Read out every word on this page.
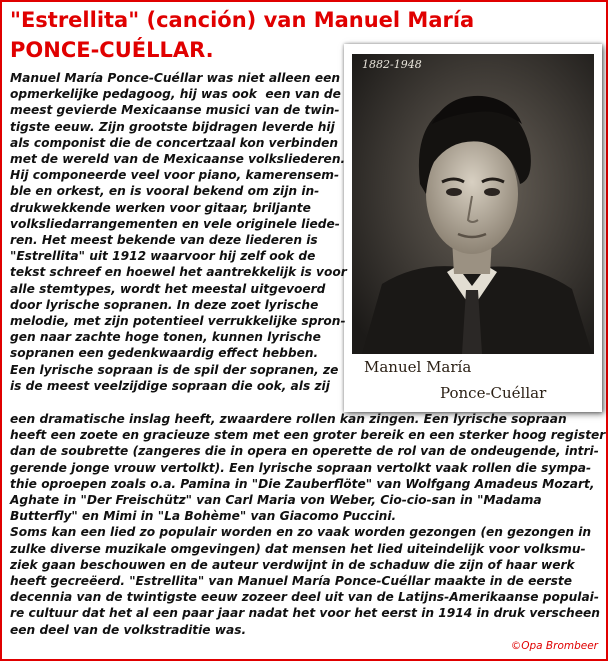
"Estrellita" (canción) van Manuel María
PONCE-CUÉLLAR.
1882-1948
Manuel María
Ponce-Cuéllar
Manuel María Ponce-Cuéllar was niet alleen een
opmerkelijke pedagoog, hij was ook  een van de
meest gevierde Mexicaanse musici van de twin-
tigste eeuw. Zijn grootste bijdragen leverde hij
als componist die de concertzaal kon verbinden
met de wereld van de Mexicaanse volksliederen.
Hij componeerde veel voor piano, kamerensem-
ble en orkest, en is vooral bekend om zijn in-
drukwekkende werken voor gitaar, briljante
volksliedarrangementen en vele originele liede-
ren. Het meest bekende van deze liederen is
"Estrellita" uit 1912 waarvoor hij zelf ook de
tekst schreef en hoewel het aantrekkelijk is voor
alle stemtypes, wordt het meestal uitgevoerd
door lyrische sopranen. In deze zoet lyrische
melodie, met zijn potentieel verrukkelijke spron-
gen naar zachte hoge tonen, kunnen lyrische
sopranen een gedenkwaardig effect hebben.
Een lyrische sopraan is de spil der sopranen, ze
is de meest veelzijdige sopraan die ook, als zij
een dramatische inslag heeft, zwaardere rollen kan zingen. Een lyrische sopraan
heeft een zoete en gracieuze stem met een groter bereik en een sterker hoog register
dan de soubrette (zangeres die in opera en operette de rol van de ondeugende, intri-
gerende jonge vrouw vertolkt). Een lyrische sopraan vertolkt vaak rollen die sympa-
thie oproepen zoals o.a. Pamina in "Die Zauberflöte" van Wolfgang Amadeus Mozart,
Aghate in "Der Freischütz" van Carl Maria von Weber, Cio-cio-san in "Madama
Butterfly" en Mimi in "La Bohème" van Giacomo Puccini.
Soms kan een lied zo populair worden en zo vaak worden gezongen (en gezongen in
zulke diverse muzikale omgevingen) dat mensen het lied uiteindelijk voor volksmu-
ziek gaan beschouwen en de auteur verdwijnt in de schaduw die zijn of haar werk
heeft gecreëerd. "Estrellita" van Manuel María Ponce-Cuéllar maakte in de eerste
decennia van de twintigste eeuw zozeer deel uit van de Latijns-Amerikaanse populai-
re cultuur dat het al een paar jaar nadat het voor het eerst in 1914 in druk verscheen
een deel van de volkstraditie was.
©Opa Brombeer
